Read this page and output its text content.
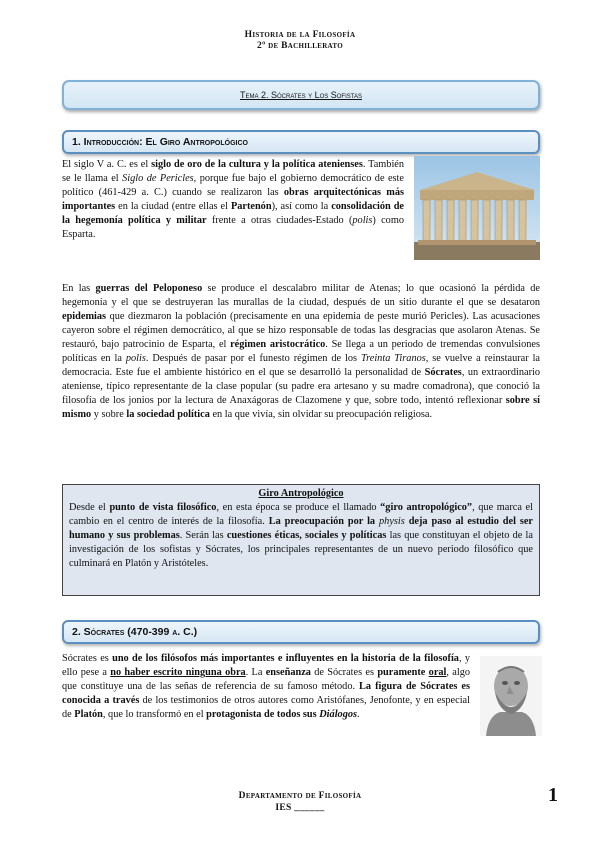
Historia de la Filosofía
2º de Bachillerato
Tema 2. Sócrates y Los Sofistas
1. Introducción: El Giro Antropológico
El siglo V a. C. es el siglo de oro de la cultura y la política atenienses. También se le llama el Siglo de Pericles, porque fue bajo el gobierno democrático de este político (461-429 a. C.) cuando se realizaron las obras arquitectónicas más importantes en la ciudad (entre ellas el Partenón), así como la consolidación de la hegemonía política y militar frente a otras ciudades-Estado (polis) como Esparta.
En las guerras del Peloponeso se produce el descalabro militar de Atenas; lo que ocasionó la pérdida de hegemonía y el que se destruyeran las murallas de la ciudad, después de un sitio durante el que se desataron epidemias que diezmaron la población (precisamente en una epidemia de peste murió Pericles). Las acusaciones cayeron sobre el régimen democrático, al que se hizo responsable de todas las desgracias que asolaron Atenas. Se restauró, bajo patrocinio de Esparta, el régimen aristocrático. Se llega a un periodo de tremendas convulsiones políticas en la polis. Después de pasar por el funesto régimen de los Treinta Tiranos, se vuelve a reinstaurar la democracia. Este fue el ambiente histórico en el que se desarrolló la personalidad de Sócrates, un extraordinario ateniense, típico representante de la clase popular (su padre era artesano y su madre comadrona), que conoció la filosofía de los jonios por la lectura de Anaxágoras de Clazomene y que, sobre todo, intentó reflexionar sobre sí mismo y sobre la sociedad política en la que vivía, sin olvidar su preocupación religiosa.
Giro Antropológico
Desde el punto de vista filosófico, en esta época se produce el llamado “giro antropológico”, que marca el cambio en el centro de interés de la filosofía. La preocupación por la physis deja paso al estudio del ser humano y sus problemas. Serán las cuestiones éticas, sociales y políticas las que constituyan el objeto de la investigación de los sofistas y Sócrates, los principales representantes de un nuevo periodo filosófico que culminará en Platón y Aristóteles.
2. Sócrates (470-399 a. C.)
Sócrates es uno de los filósofos más importantes e influyentes en la historia de la filosofía, y ello pese a no haber escrito ninguna obra. La enseñanza de Sócrates es puramente oral, algo que constituye una de las señas de referencia de su famoso método. La figura de Sócrates es conocida a través de los testimonios de otros autores como Aristófanes, Jenofonte, y en especial de Platón, que lo transformó en el protagonista de todos sus Diálogos.
Departamento de Filosofía
IES ______
1
